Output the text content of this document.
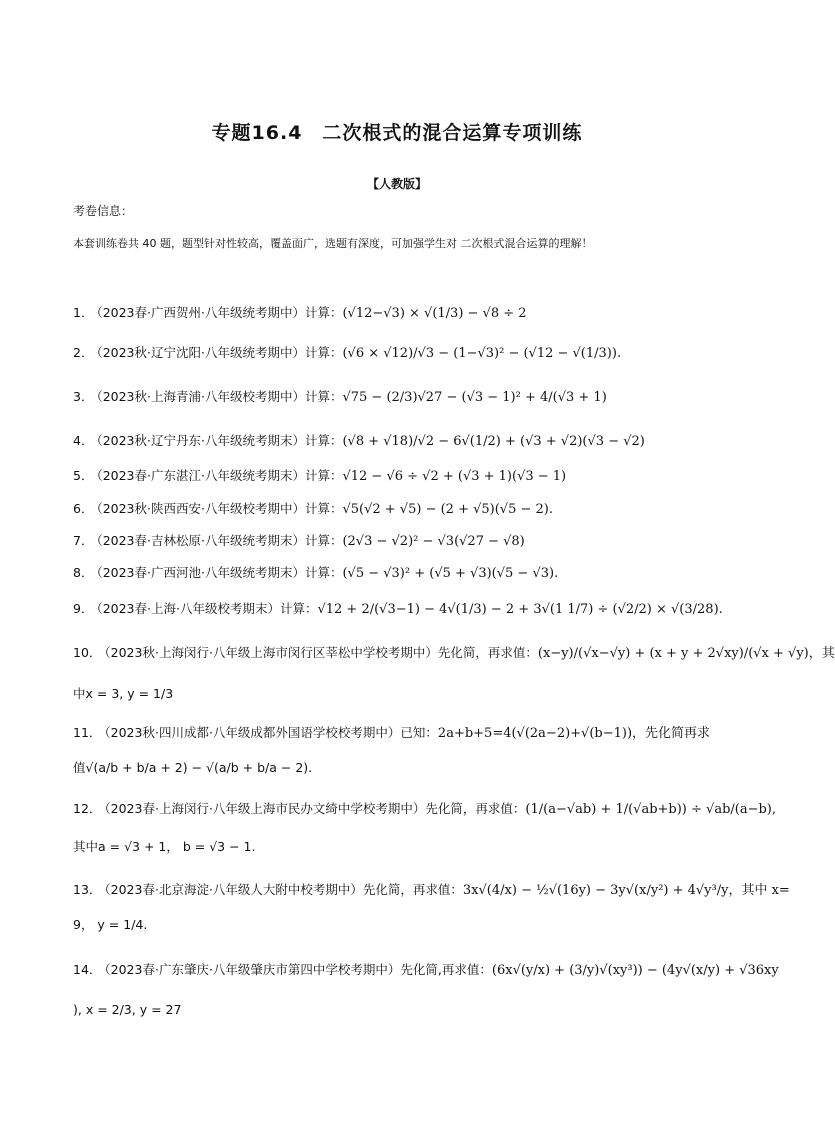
专题16.4　二次根式的混合运算专项训练
【人教版】
考卷信息：
本套训练卷共 40 题，题型针对性较高，覆盖面广，选题有深度，可加强学生对 二次根式混合运算的理解！
1． （2023春·广西贺州·八年级统考期中）计算：(√12−√3) × √(1/3) − √8 ÷ 2
2． （2023秋·辽宁沈阳·八年级统考期中）计算：(√6 × √12)/√3 − (1−√3)² − (√12 − √(1/3)).
3． （2023秋·上海青浦·八年级校考期中）计算：√75 − (2/3)√27 − (√3 − 1)² + 4/(√3 + 1)
4． （2023秋·辽宁丹东·八年级统考期末）计算：(√8 + √18)/√2 − 6√(1/2) + (√3 + √2)(√3 − √2)
5． （2023春·广东湛江·八年级统考期末）计算：√12 − √6 ÷ √2 + (√3 + 1)(√3 − 1)
6． （2023秋·陕西西安·八年级校考期中）计算：√5(√2 + √5) − (2 + √5)(√5 − 2).
7． （2023春·吉林松原·八年级统考期末）计算：(2√3 − √2)² − √3(√27 − √8)
8． （2023春·广西河池·八年级统考期末）计算：(√5 − √3)² + (√5 + √3)(√5 − √3).
9． （2023春·上海·八年级校考期末）计算：√12 + 2/(√3−1) − 4√(1/3) − 2 + 3√(1 1/7) ÷ (√2/2) × √(3/28).
10． （2023秋·上海闵行·八年级上海市闵行区莘松中学校考期中）先化简，再求值：(x−y)/(√x−√y) + (x + y + 2√xy)/(√x + √y)，其
中x = 3, y = 1/3
11． （2023秋·四川成都·八年级成都外国语学校校考期中）已知：2a+b+5=4(√(2a−2)+√(b−1))，先化简再求
值√(a/b + b/a + 2) − √(a/b + b/a − 2).
12． （2023春·上海闵行·八年级上海市民办文绮中学校考期中）先化简，再求值：(1/(a−√ab) + 1/(√ab+b)) ÷ √ab/(a−b),
其中a = √3 + 1， b = √3 − 1.
13． （2023春·北京海淀·八年级人大附中校考期中）先化简，再求值：3x√(4/x) − ½√(16y) − 3y√(x/y²) + 4√y³/y，其中 x=
9， y = 1/4.
14． （2023春·广东肇庆·八年级肇庆市第四中学校考期中）先化简,再求值：(6x√(y/x) + (3/y)√(xy³)) − (4y√(x/y) + √36xy
), x = 2/3, y = 27
